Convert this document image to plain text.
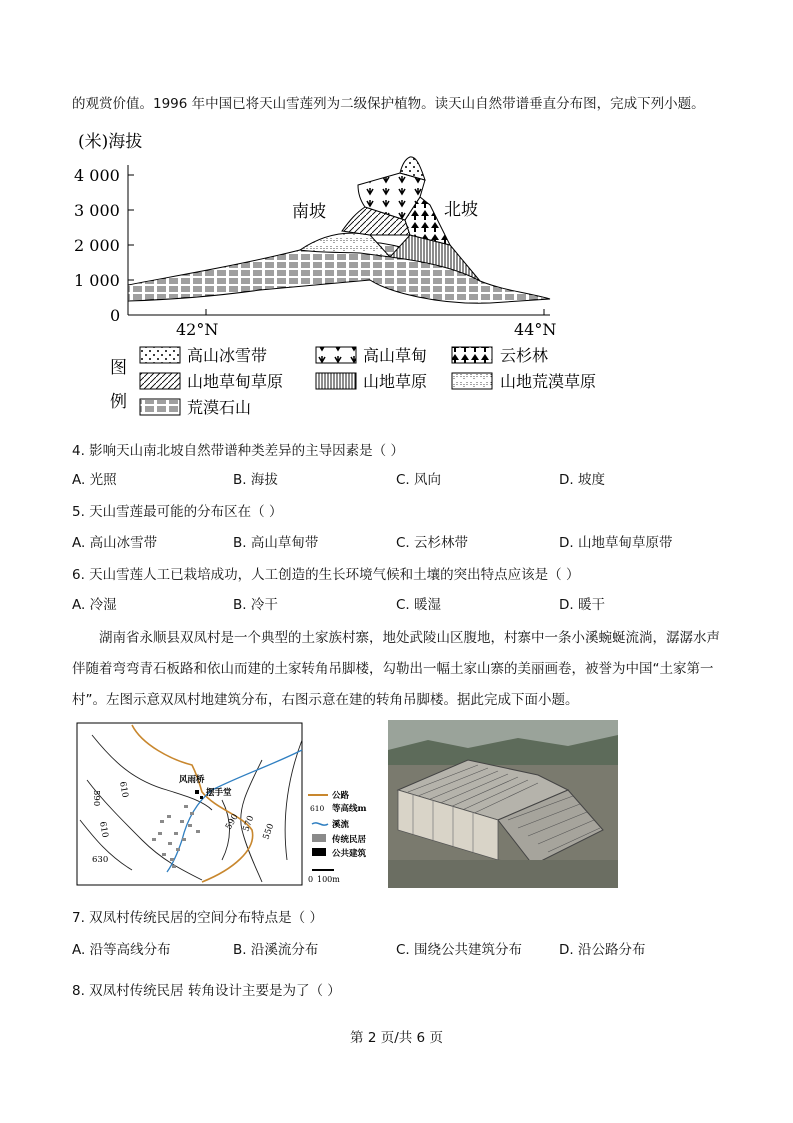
的观赏价值。1996 年中国已将天山雪莲列为二级保护植物。读天山自然带谱垂直分布图，完成下列小题。
(米)海拔
4 000
3 000
2 000
1 000
0
42°N	44°N
南坡	北坡
图
例
高山冰雪带	高山草甸	云杉林
山地草甸草原	山地草原	山地荒漠草原
荒漠石山
4. 影响天山南北坡自然带谱种类差异的主导因素是（ ）
A. 光照	B. 海拔	C. 风向	D. 坡度
5. 天山雪莲最可能的分布区在（ ）
A. 高山冰雪带	B. 高山草甸带	C. 云杉林带	D. 山地草甸草原带
6. 天山雪莲人工已栽培成功，人工创造的生长环境气候和土壤的突出特点应该是（ ）
A. 冷湿	B. 冷干	C. 暖湿	D. 暖干
湖南省永顺县双凤村是一个典型的土家族村寨，地处武陵山区腹地，村寨中一条小溪蜿蜒流淌，潺潺水声伴随着弯弯青石板路和依山而建的土家转角吊脚楼，勾勒出一幅土家山寨的美丽画卷，被誉为中国“土家第一村”。左图示意双凤村地建筑分布，右图示意在建的转角吊脚楼。据此完成下面小题。
风雨桥
摆手堂
610
590
610
630
590 570 550
公路
610 等高线m
溪流
传统民居
公共建筑
0 100m
7. 双凤村传统民居的空间分布特点是（ ）
A. 沿等高线分布	B. 沿溪流分布	C. 围绕公共建筑分布	D. 沿公路分布
8. 双凤村传统民居 转角设计主要是为了（ ）
第 2 页/共 6 页
